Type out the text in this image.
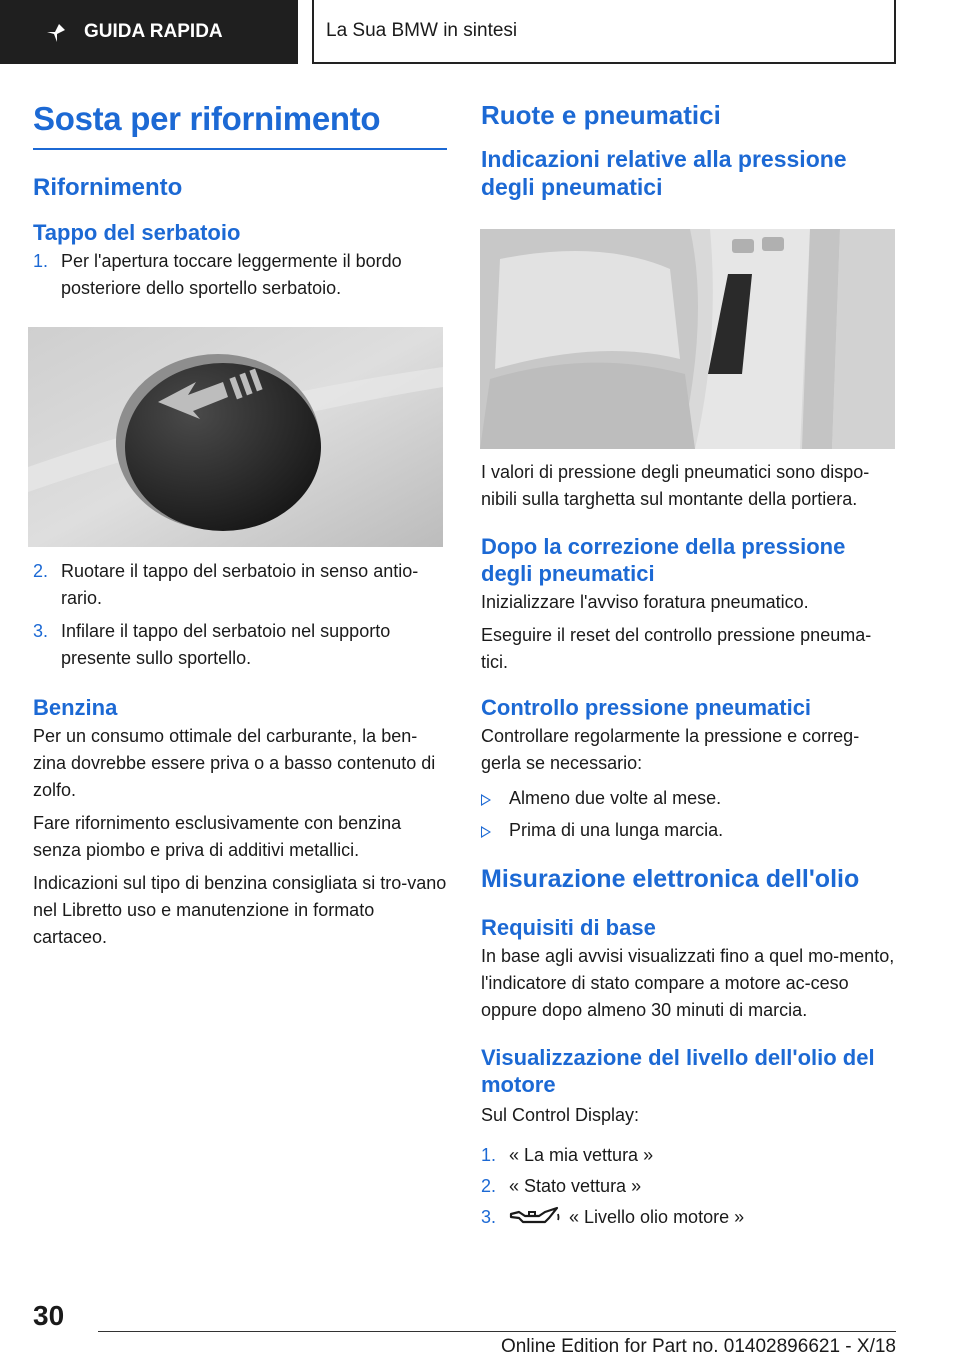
GUIDA RAPIDA	La Sua BMW in sintesi
Sosta per rifornimento
Rifornimento
Tappo del serbatoio
1. Per l'apertura toccare leggermente il bordo posteriore dello sportello serbatoio.
2. Ruotare il tappo del serbatoio in senso antio‐rario.
3. Infilare il tappo del serbatoio nel supporto presente sullo sportello.
Benzina
Per un consumo ottimale del carburante, la ben‐zina dovrebbe essere priva o a basso contenuto di zolfo.
Fare rifornimento esclusivamente con benzina senza piombo e priva di additivi metallici.
Indicazioni sul tipo di benzina consigliata si tro‐vano nel Libretto uso e manutenzione in formato cartaceo.
Ruote e pneumatici
Indicazioni relative alla pressione degli pneumatici
I valori di pressione degli pneumatici sono dispo‐nibili sulla targhetta sul montante della portiera.
Dopo la correzione della pressione degli pneumatici
Inizializzare l'avviso foratura pneumatico.
Eseguire il reset del controllo pressione pneuma‐tici.
Controllo pressione pneumatici
Controllare regolarmente la pressione e correg‐gerla se necessario:
Almeno due volte al mese.
Prima di una lunga marcia.
Misurazione elettronica dell'olio
Requisiti di base
In base agli avvisi visualizzati fino a quel mo‐mento, l'indicatore di stato compare a motore ac‐ceso oppure dopo almeno 30 minuti di marcia.
Visualizzazione del livello dell'olio del motore
Sul Control Display:
1. « La mia vettura »
2. « Stato vettura »
3.	« Livello olio motore »
30
Online Edition for Part no. 01402896621 - X/18
